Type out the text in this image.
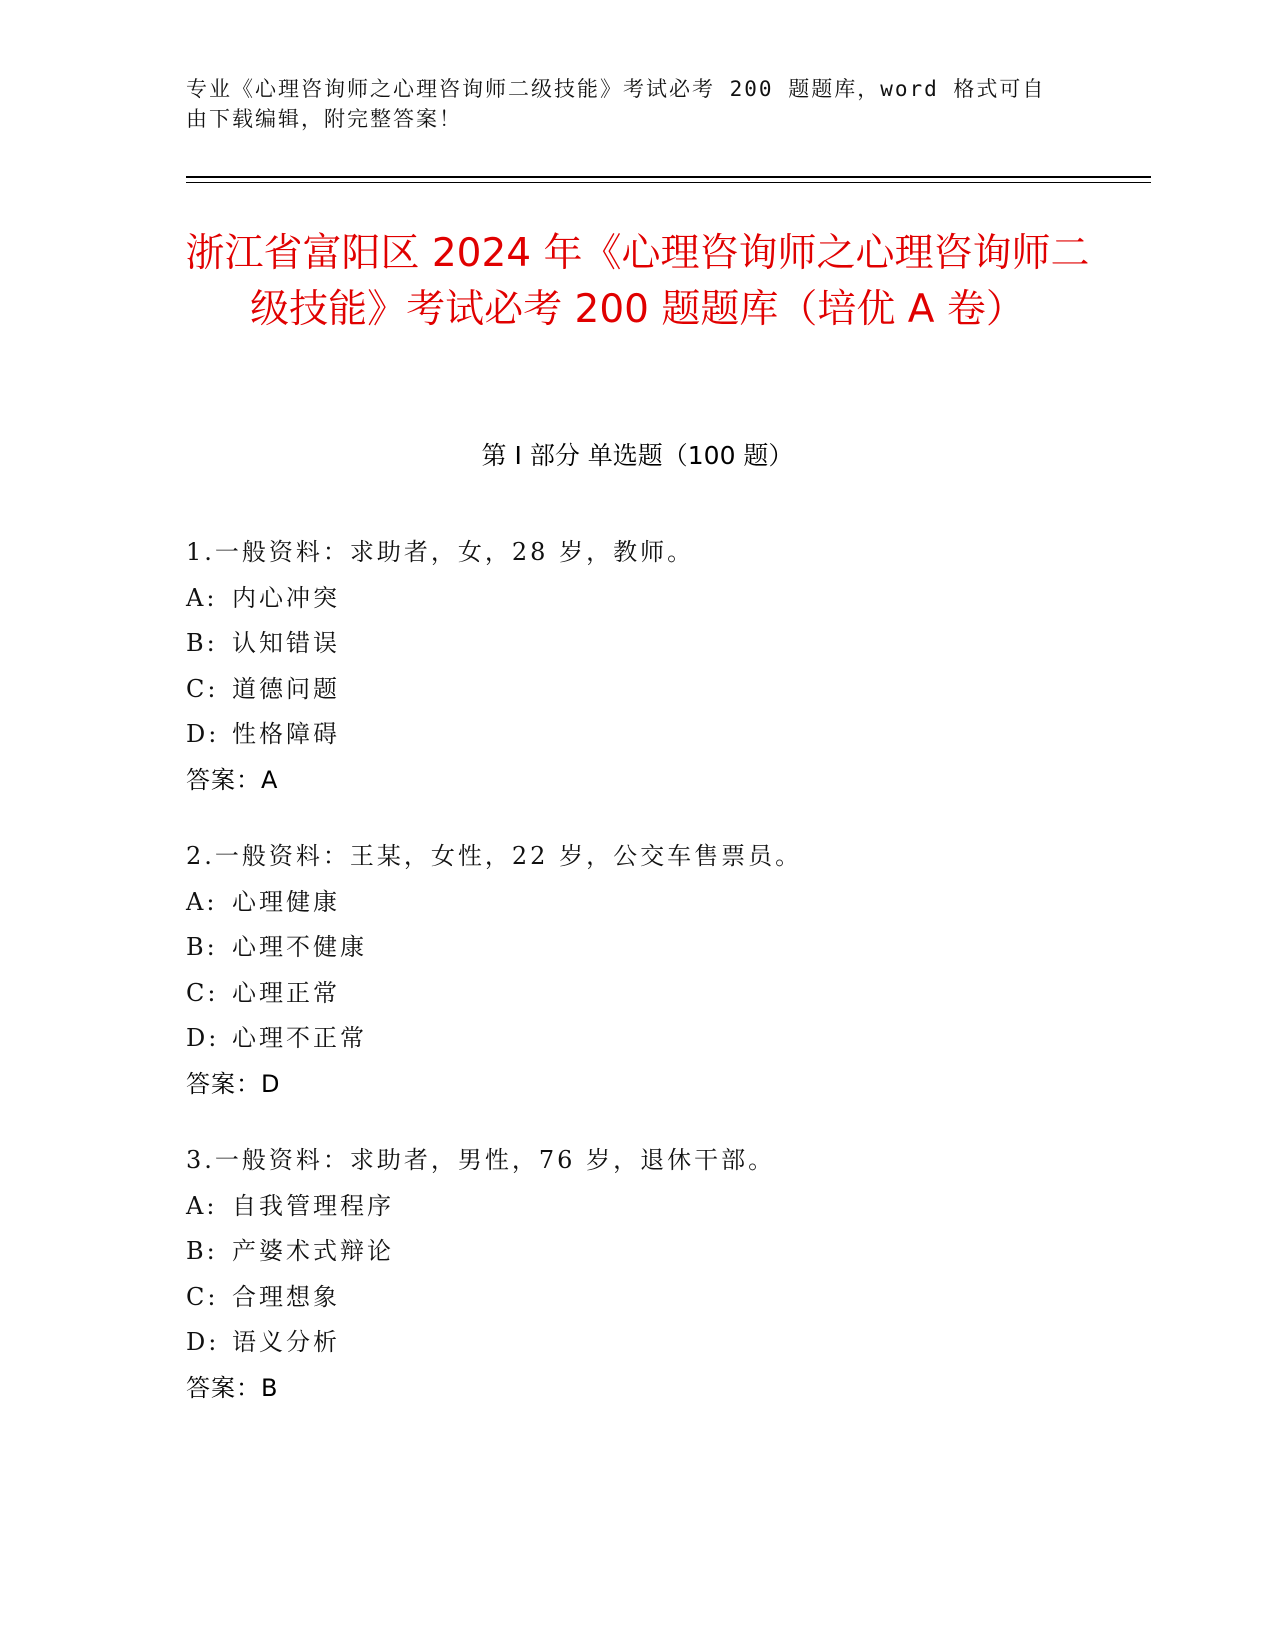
专业《心理咨询师之心理咨询师二级技能》考试必考 200 题题库，word 格式可自由下载编辑，附完整答案！
浙江省富阳区 2024 年《心理咨询师之心理咨询师二级技能》考试必考 200 题题库（培优 A 卷）
第 I 部分 单选题（100 题）
1.一般资料：求助者，女，28 岁，教师。
A: 内心冲突
B: 认知错误
C: 道德问题
D: 性格障碍
答案：A
2.一般资料：王某，女性，22 岁，公交车售票员。
A: 心理健康
B: 心理不健康
C: 心理正常
D: 心理不正常
答案：D
3.一般资料：求助者，男性，76 岁，退休干部。
A: 自我管理程序
B: 产婆术式辩论
C: 合理想象
D: 语义分析
答案：B
